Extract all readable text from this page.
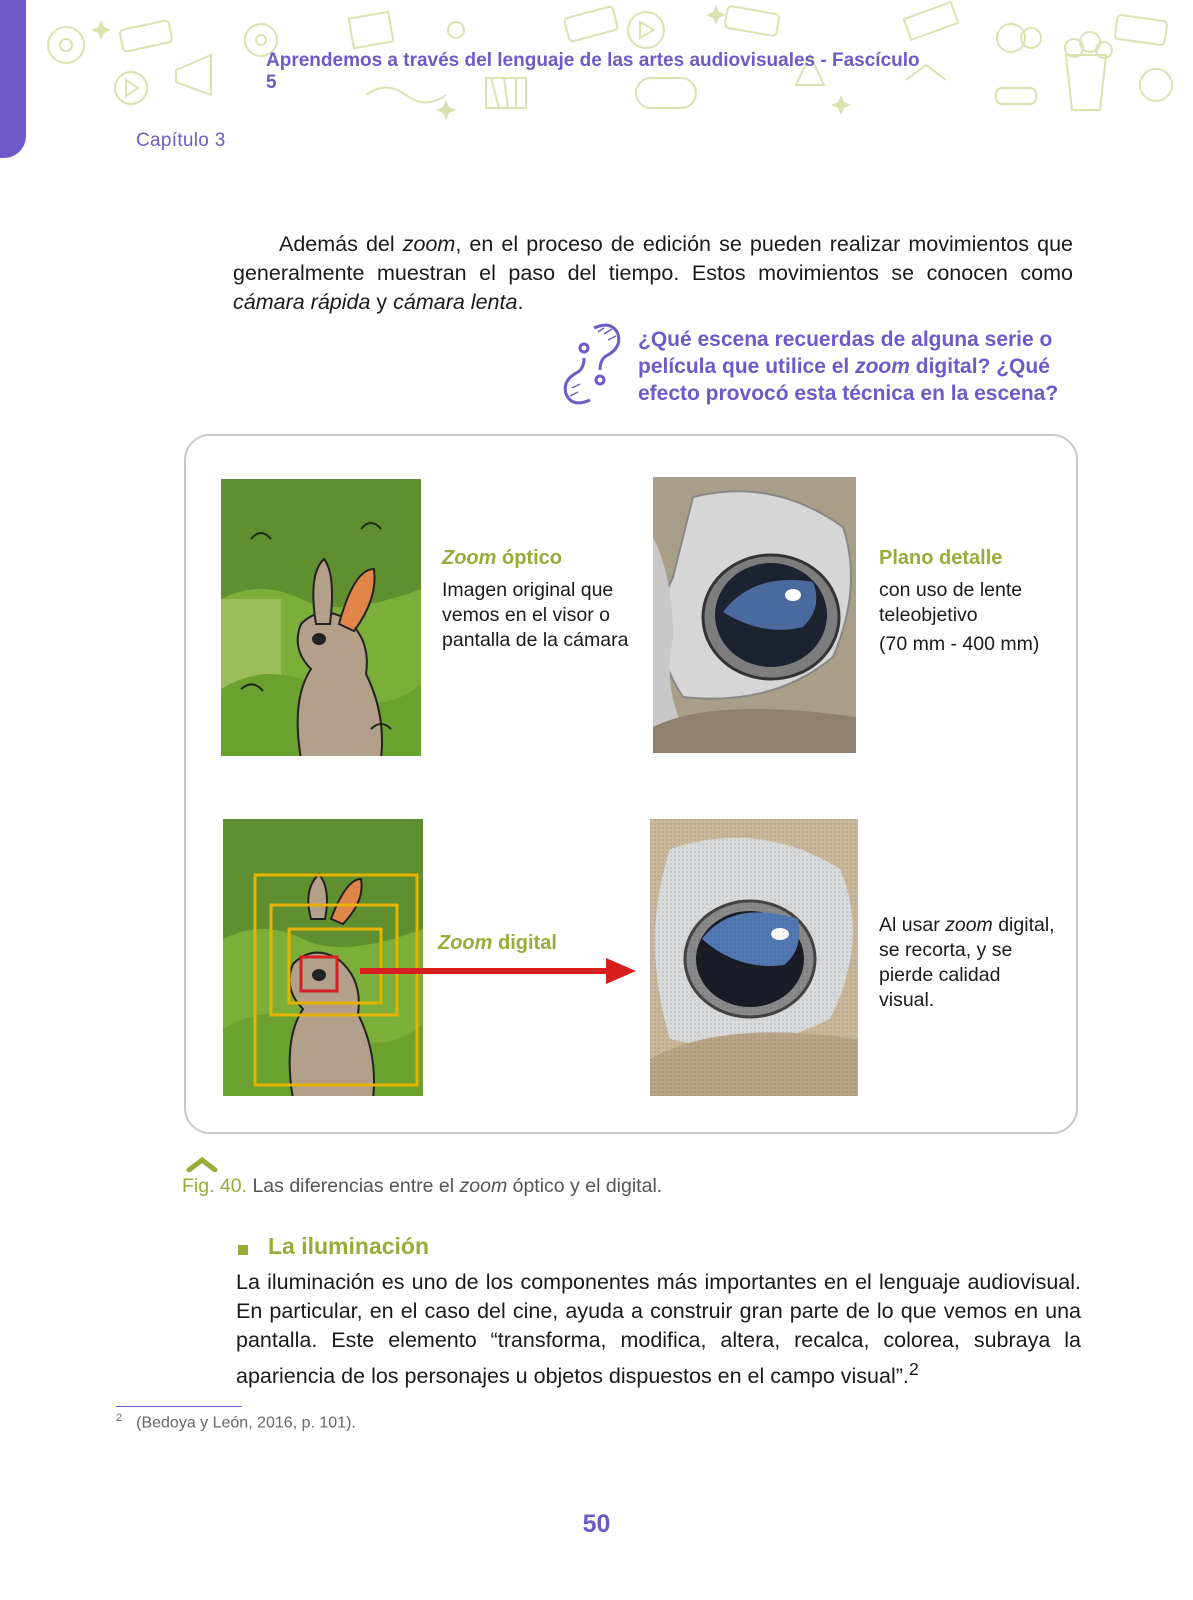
Aprendemos a través del lenguaje de las artes audiovisuales - Fascículo 5
Capítulo 3
Además del zoom, en el proceso de edición se pueden realizar movimientos que generalmente muestran el paso del tiempo. Estos movimientos se conocen como cámara rápida y cámara lenta.
¿Qué escena recuerdas de alguna serie o película que utilice el zoom digital? ¿Qué efecto provocó esta técnica en la escena?
Zoom óptico
Imagen original que vemos en el visor o pantalla de la cámara
Plano detalle
con uso de lente teleobjetivo
(70 mm - 400 mm)
Zoom digital
Al usar zoom digital, se recorta, y se pierde calidad visual.
Fig. 40. Las diferencias entre el zoom óptico y el digital.
La iluminación
La iluminación es uno de los componentes más importantes en el lenguaje audiovisual. En particular, en el caso del cine, ayuda a construir gran parte de lo que vemos en una pantalla. Este elemento “transforma, modifica, altera, recalca, colorea, subraya la apariencia de los personajes u objetos dispuestos en el campo visual”.$^2$
$^2$ (Bedoya y León, 2016, p. 101).
50
